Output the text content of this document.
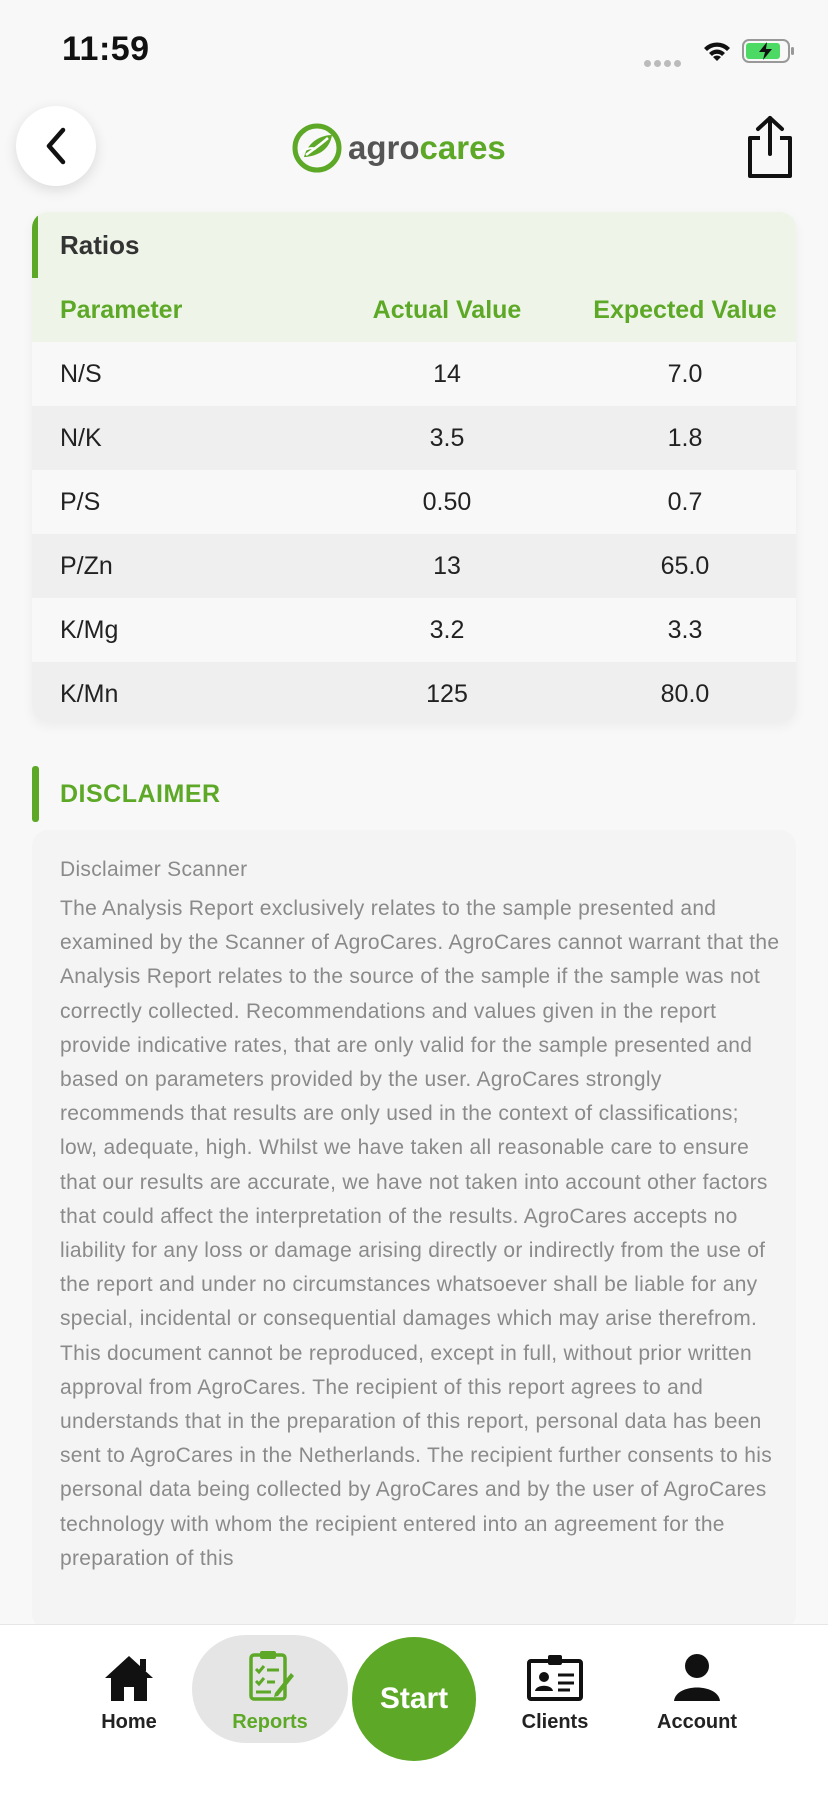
11:59
agrocares
Ratios
Parameter	Actual Value	Expected Value
N/S	14	7.0
N/K	3.5	1.8
P/S	0.50	0.7
P/Zn	13	65.0
K/Mg	3.2	3.3
K/Mn	125	80.0
DISCLAIMER
Disclaimer Scanner
The Analysis Report exclusively relates to the sample presented and examined by the Scanner of AgroCares. AgroCares cannot warrant that the Analysis Report relates to the source of the sample if the sample was not correctly collected. Recommendations and values given in the report provide indicative rates, that are only valid for the sample presented and based on parameters provided by the user. AgroCares strongly recommends that results are only used in the context of classifications; low, adequate, high. Whilst we have taken all reasonable care to ensure that our results are accurate, we have not taken into account other factors that could affect the interpretation of the results. AgroCares accepts no liability for any loss or damage arising directly or indirectly from the use of the report and under no circumstances whatsoever shall be liable for any special, incidental or consequential damages which may arise therefrom. This document cannot be reproduced, except in full, without prior written approval from AgroCares. The recipient of this report agrees to and understands that in the preparation of this report, personal data has been sent to AgroCares in the Netherlands. The recipient further consents to his personal data being collected by AgroCares and by the user of AgroCares technology with whom the recipient entered into an agreement for the preparation of this
Home	Reports
Start
Clients	Account
